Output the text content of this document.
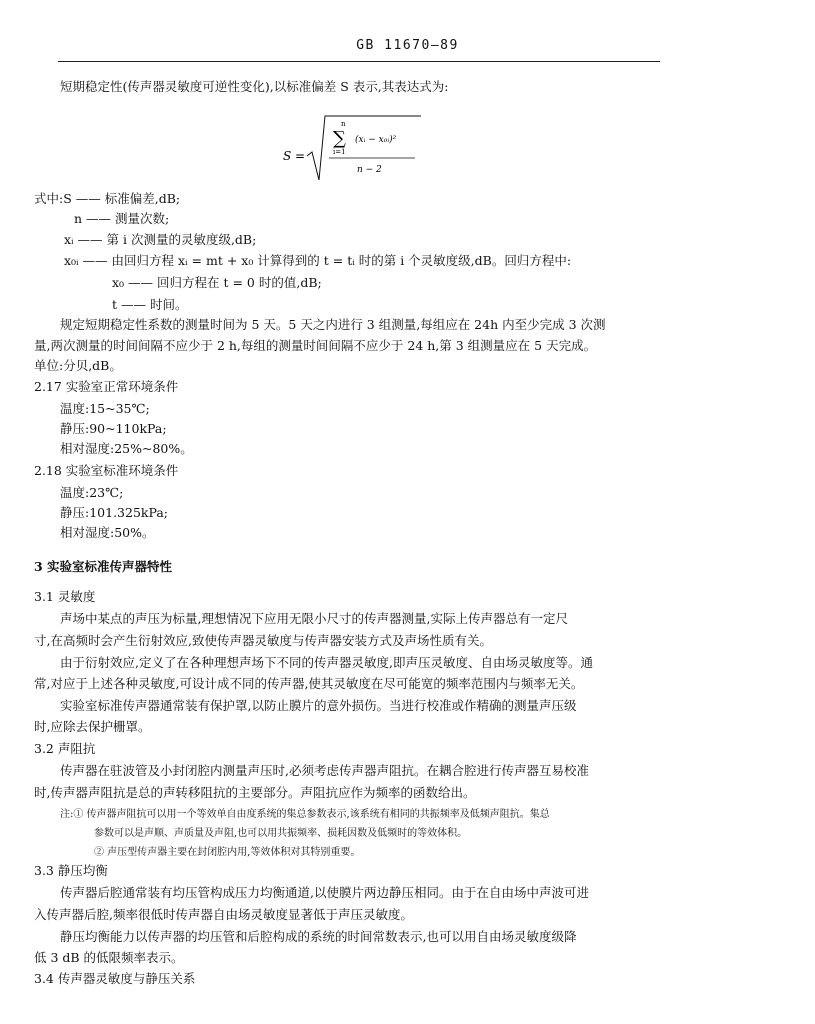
GB 11670—89
短期稳定性(传声器灵敏度可逆性变化),以标准偏差 S 表示,其表达式为:
S =
n
∑
i=1
(xᵢ − x₀ᵢ)²
n − 2
式中:S —— 标准偏差,dB;
n —— 测量次数;
xᵢ —— 第 i 次测量的灵敏度级,dB;
x₀ᵢ —— 由回归方程 xᵢ = mt + x₀ 计算得到的 t = tᵢ 时的第 i 个灵敏度级,dB。回归方程中:
x₀ —— 回归方程在 t = 0 时的值,dB;
t —— 时间。
规定短期稳定性系数的测量时间为 5 天。5 天之内进行 3 组测量,每组应在 24h 内至少完成 3 次测
量,两次测量的时间间隔不应少于 2 h,每组的测量时间间隔不应少于 24 h,第 3 组测量应在 5 天完成。
单位:分贝,dB。
2.17 实验室正常环境条件
温度:15~35℃;
静压:90~110kPa;
相对湿度:25%~80%。
2.18 实验室标准环境条件
温度:23℃;
静压:101.325kPa;
相对湿度:50%。
3 实验室标准传声器特性
3.1 灵敏度
声场中某点的声压为标量,理想情况下应用无限小尺寸的传声器测量,实际上传声器总有一定尺
寸,在高频时会产生衍射效应,致使传声器灵敏度与传声器安装方式及声场性质有关。
由于衍射效应,定义了在各种理想声场下不同的传声器灵敏度,即声压灵敏度、自由场灵敏度等。通
常,对应于上述各种灵敏度,可设计成不同的传声器,使其灵敏度在尽可能宽的频率范围内与频率无关。
实验室标准传声器通常装有保护罩,以防止膜片的意外损伤。当进行校准或作精确的测量声压级
时,应除去保护栅罩。
3.2 声阻抗
传声器在驻波管及小封闭腔内测量声压时,必须考虑传声器声阻抗。在耦合腔进行传声器互易校准
时,传声器声阻抗是总的声转移阻抗的主要部分。声阻抗应作为频率的函数给出。
注:① 传声器声阻抗可以用一个等效单自由度系统的集总参数表示,该系统有相同的共振频率及低频声阻抗。集总
参数可以是声顺、声质量及声阻,也可以用共振频率、损耗因数及低频时的等效体积。
② 声压型传声器主要在封闭腔内用,等效体积对其特别重要。
3.3 静压均衡
传声器后腔通常装有均压管构成压力均衡通道,以使膜片两边静压相同。由于在自由场中声波可进
入传声器后腔,频率很低时传声器自由场灵敏度显著低于声压灵敏度。
静压均衡能力以传声器的均压管和后腔构成的系统的时间常数表示,也可以用自由场灵敏度级降
低 3 dB 的低限频率表示。
3.4 传声器灵敏度与静压关系
